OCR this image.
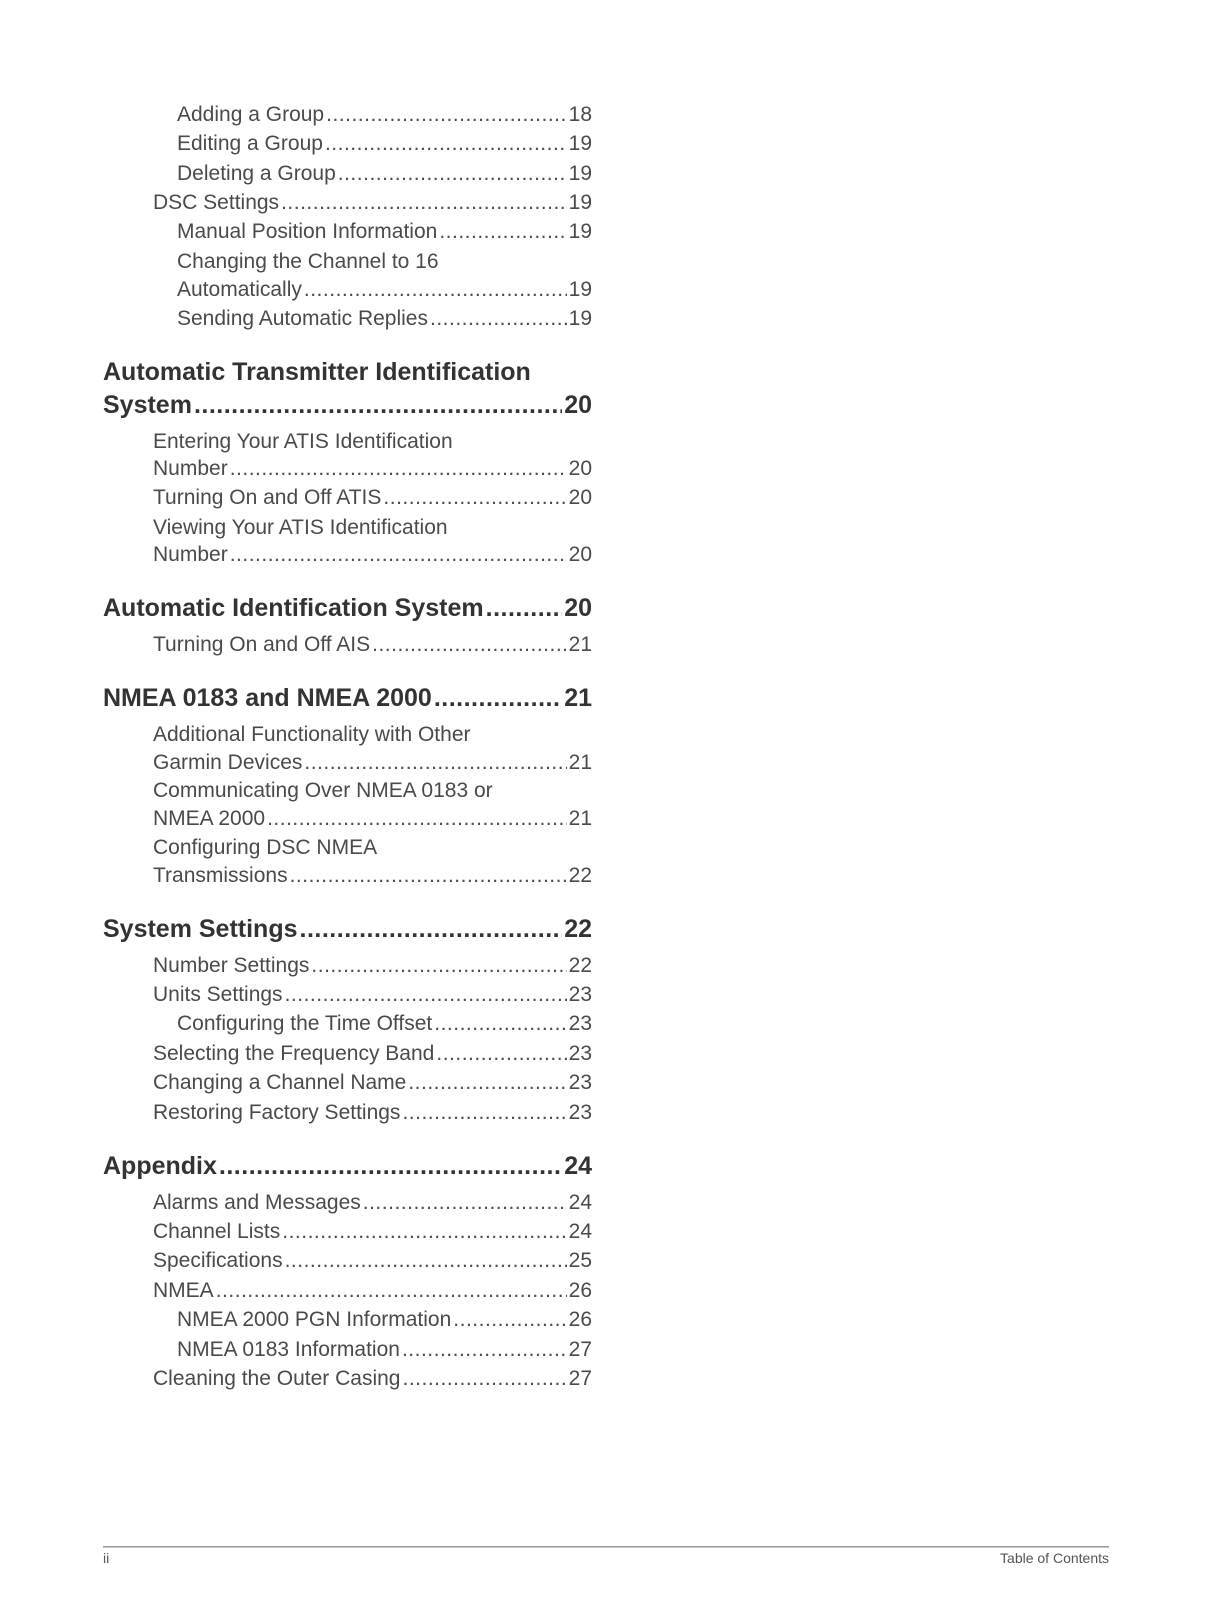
Adding a Group .....	18
Editing a Group .....	19
Deleting a Group .....	19
DSC Settings .....	19
Manual Position Information .....	19
Changing the Channel to 16
Automatically .....	19
Sending Automatic Replies .....	19
Automatic Transmitter Identification
System .....	20
Entering Your ATIS Identification
Number .....	20
Turning On and Off ATIS .....	20
Viewing Your ATIS Identification
Number .....	20
Automatic Identification System .....	20
Turning On and Off AIS .....	21
NMEA 0183 and NMEA 2000 .....	21
Additional Functionality with Other
Garmin Devices .....	21
Communicating Over NMEA 0183 or
NMEA 2000 .....	21
Configuring DSC NMEA
Transmissions .....	22
System Settings .....	22
Number Settings .....	22
Units Settings .....	23
Configuring the Time Offset .....	23
Selecting the Frequency Band .....	23
Changing a Channel Name .....	23
Restoring Factory Settings .....	23
Appendix .....	24
Alarms and Messages .....	24
Channel Lists .....	24
Specifications .....	25
NMEA .....	26
NMEA 2000 PGN Information .....	26
NMEA 0183 Information .....	27
Cleaning the Outer Casing .....	27
ii	Table of Contents
